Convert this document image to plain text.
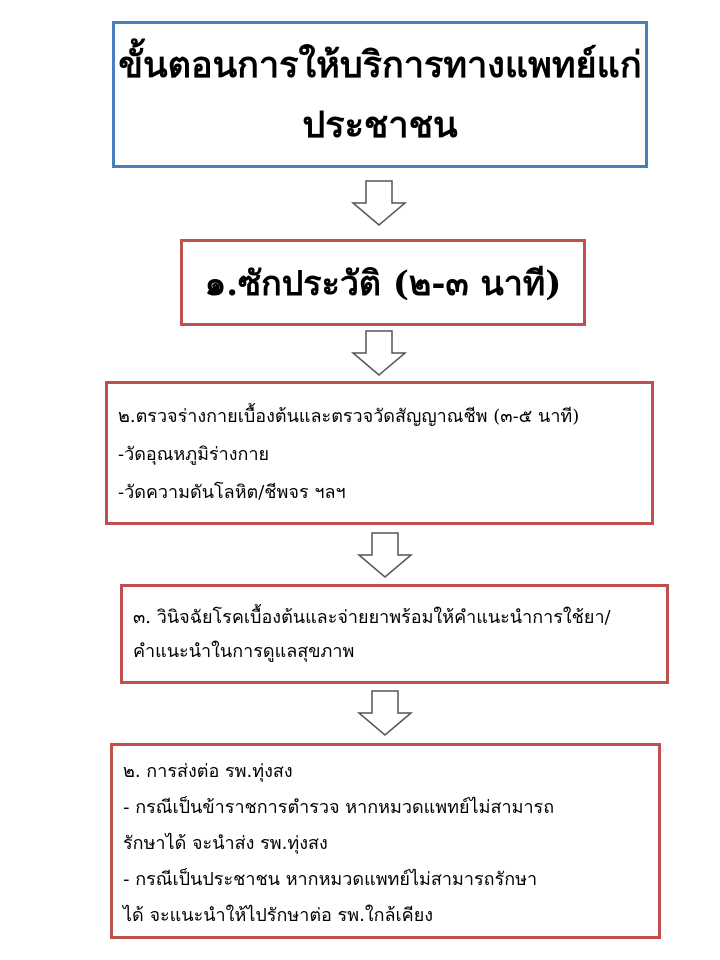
ขั้นตอนการให้บริการทางแพทย์แก่
ประชาชน
๑.ซักประวัติ (๒-๓ นาที)
๒.ตรวจร่างกายเบื้องต้นและตรวจวัดสัญญาณชีพ (๓-๕ นาที)
-วัดอุณหภูมิร่างกาย
-วัดความดันโลหิต/ชีพจร ฯลฯ
๓. วินิจฉัยโรคเบื้องต้นและจ่ายยาพร้อมให้คำแนะนำการใช้ยา/
คำแนะนำในการดูแลสุขภาพ
๒. การส่งต่อ รพ.ทุ่งสง
- กรณีเป็นข้าราชการตำรวจ หากหมวดแพทย์ไม่สามารถ
รักษาได้ จะนำส่ง รพ.ทุ่งสง
- กรณีเป็นประชาชน หากหมวดแพทย์ไม่สามารถรักษา
ได้ จะแนะนำให้ไปรักษาต่อ รพ.ใกล้เคียง
